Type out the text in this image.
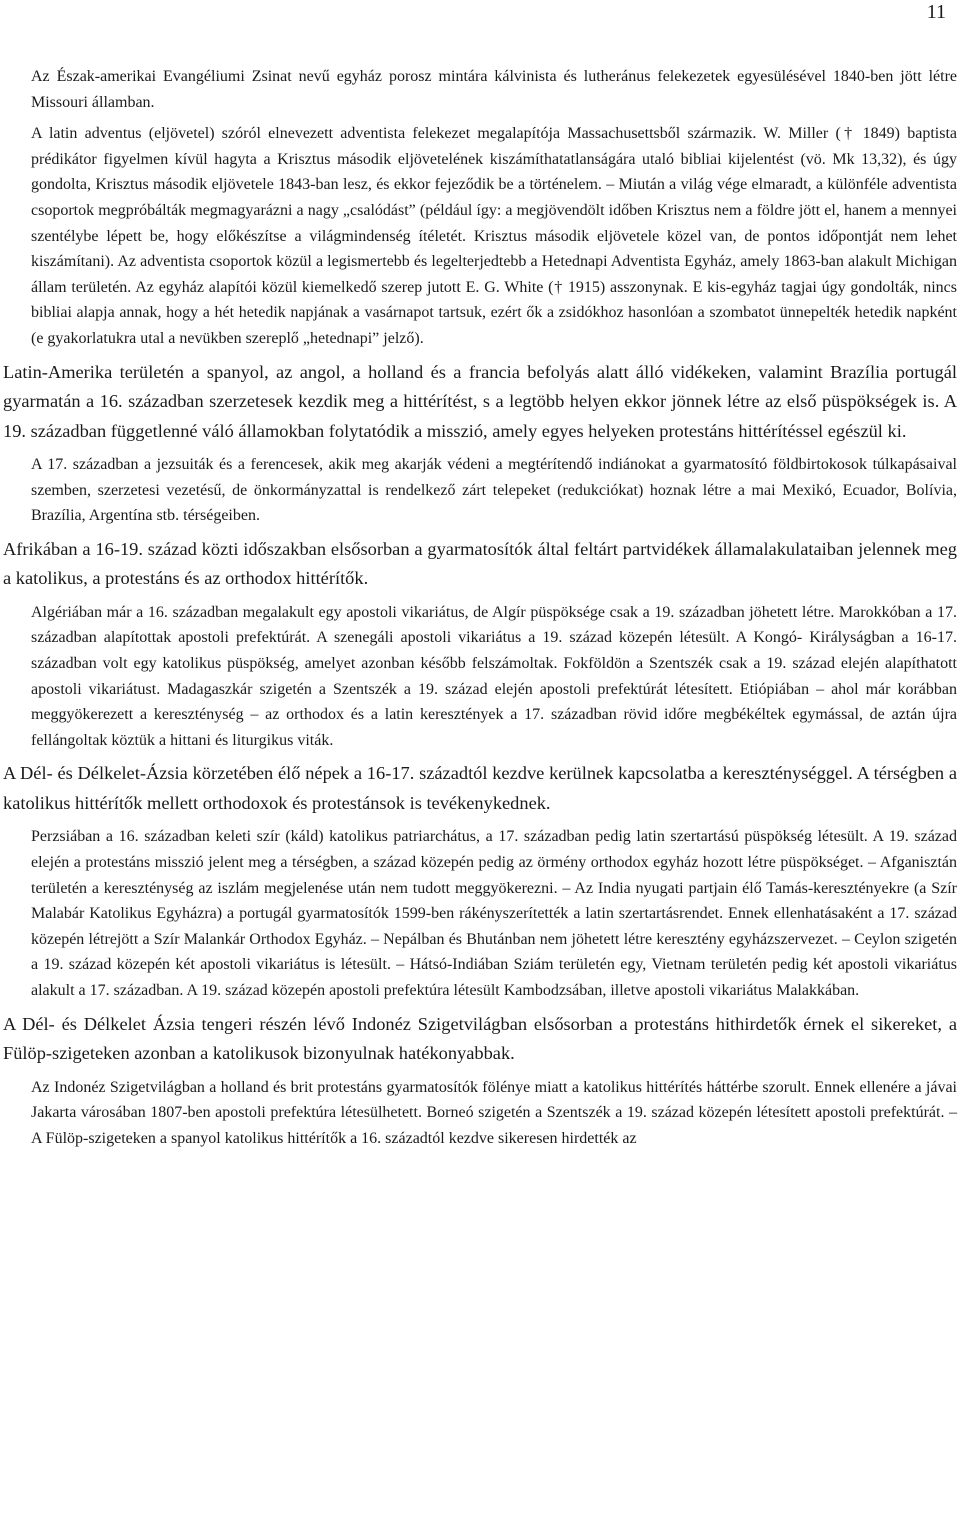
11

Az Észak-amerikai Evangéliumi Zsinat nevű egyház porosz mintára kálvinista és lutheránus felekezetek egyesülésével 1840-ben jött létre Missouri államban.

A latin adventus (eljövetel) szóról elnevezett adventista felekezet megalapítója Massachusettsből származik. W. Miller († 1849) baptista prédikátor figyelmen kívül hagyta a Krisztus második eljövetelének kiszámíthatatlanságára utaló bibliai kijelentést (vö. Mk 13,32), és úgy gondolta, Krisztus második eljövetele 1843-ban lesz, és ekkor fejeződik be a történelem. – Miután a világ vége elmaradt, a különféle adventista csoportok megpróbálták megmagyarázni a nagy „csalódást” (például így: a megjövendölt időben Krisztus nem a földre jött el, hanem a mennyei szentélybe lépett be, hogy előkészítse a világmindenség ítéletét. Krisztus második eljövetele közel van, de pontos időpontját nem lehet kiszámítani). Az adventista csoportok közül a legismertebb és legelterjedtebb a Hetednapi Adventista Egyház, amely 1863-ban alakult Michigan állam területén. Az egyház alapítói közül kiemelkedő szerep jutott E. G. White († 1915) asszonynak. E kis-egyház tagjai úgy gondolták, nincs bibliai alapja annak, hogy a hét hetedik napjának a vasárnapot tartsuk, ezért ők a zsidókhoz hasonlóan a szombatot ünnepelték hetedik napként (e gyakorlatukra utal a nevükben szereplő „hetednapi” jelző).

Latin-Amerika területén a spanyol, az angol, a holland és a francia befolyás alatt álló vidékeken, valamint Brazília portugál gyarmatán a 16. században szerzetesek kezdik meg a hittérítést, s a legtöbb helyen ekkor jönnek létre az első püspökségek is. A 19. században függetlenné váló államokban folytatódik a misszió, amely egyes helyeken protestáns hittérítéssel egészül ki.

A 17. században a jezsuiták és a ferencesek, akik meg akarják védeni a megtérítendő indiánokat a gyarmatosító földbirtokosok túlkapásaival szemben, szerzetesi vezetésű, de önkormányzattal is rendelkező zárt telepeket (redukciókat) hoznak létre a mai Mexikó, Ecuador, Bolívia, Brazília, Argentína stb. térségeiben.

Afrikában a 16-19. század közti időszakban elsősorban a gyarmatosítók által feltárt partvidékek államalakulataiban jelennek meg a katolikus, a protestáns és az orthodox hittérítők.

Algériában már a 16. században megalakult egy apostoli vikariátus, de Algír püspöksége csak a 19. században jöhetett létre. Marokkóban a 17. században alapítottak apostoli prefektúrát. A szenegáli apostoli vikariátus a 19. század közepén létesült. A Kongó- Királyságban a 16-17. században volt egy katolikus püspökség, amelyet azonban később felszámoltak. Fokföldön a Szentszék csak a 19. század elején alapíthatott apostoli vikariátust. Madagaszkár szigetén a Szentszék a 19. század elején apostoli prefektúrát létesített. Etiópiában – ahol már korábban meggyökerezett a kereszténység – az orthodox és a latin keresztények a 17. században rövid időre megbékéltek egymással, de aztán újra fellángoltak köztük a hittani és liturgikus viták.

A Dél- és Délkelet-Ázsia körzetében élő népek a 16-17. századtól kezdve kerülnek kapcsolatba a kereszténységgel. A térségben a katolikus hittérítők mellett orthodoxok és protestánsok is tevékenykednek.

Perzsiában a 16. században keleti szír (káld) katolikus patriarchátus, a 17. században pedig latin szertartású püspökség létesült. A 19. század elején a protestáns misszió jelent meg a térségben, a század közepén pedig az örmény orthodox egyház hozott létre püspökséget. – Afganisztán területén a kereszténység az iszlám megjelenése után nem tudott meggyökerezni. – Az India nyugati partjain élő Tamás-keresztényekre (a Szír Malabár Katolikus Egyházra) a portugál gyarmatosítók 1599-ben rákényszerítették a latin szertartásrendet. Ennek ellenhatásaként a 17. század közepén létrejött a Szír Malankár Orthodox Egyház. – Nepálban és Bhutánban nem jöhetett létre keresztény egyházszervezet. – Ceylon szigetén a 19. század közepén két apostoli vikariátus is létesült. – Hátsó-Indiában Sziám területén egy, Vietnam területén pedig két apostoli vikariátus alakult a 17. században. A 19. század közepén apostoli prefektúra létesült Kambodzsában, illetve apostoli vikariátus Malakkában.

A Dél- és Délkelet Ázsia tengeri részén lévő Indonéz Szigetvilágban elsősorban a protestáns hithirdetők érnek el sikereket, a Fülöp-szigeteken azonban a katolikusok bizonyulnak hatékonyabbak.

Az Indonéz Szigetvilágban a holland és brit protestáns gyarmatosítók fölénye miatt a katolikus hittérítés háttérbe szorult. Ennek ellenére a jávai Jakarta városában 1807-ben apostoli prefektúra létesülhetett. Borneó szigetén a Szentszék a 19. század közepén létesített apostoli prefektúrát. – A Fülöp-szigeteken a spanyol katolikus hittérítők a 16. századtól kezdve sikeresen hirdették az
